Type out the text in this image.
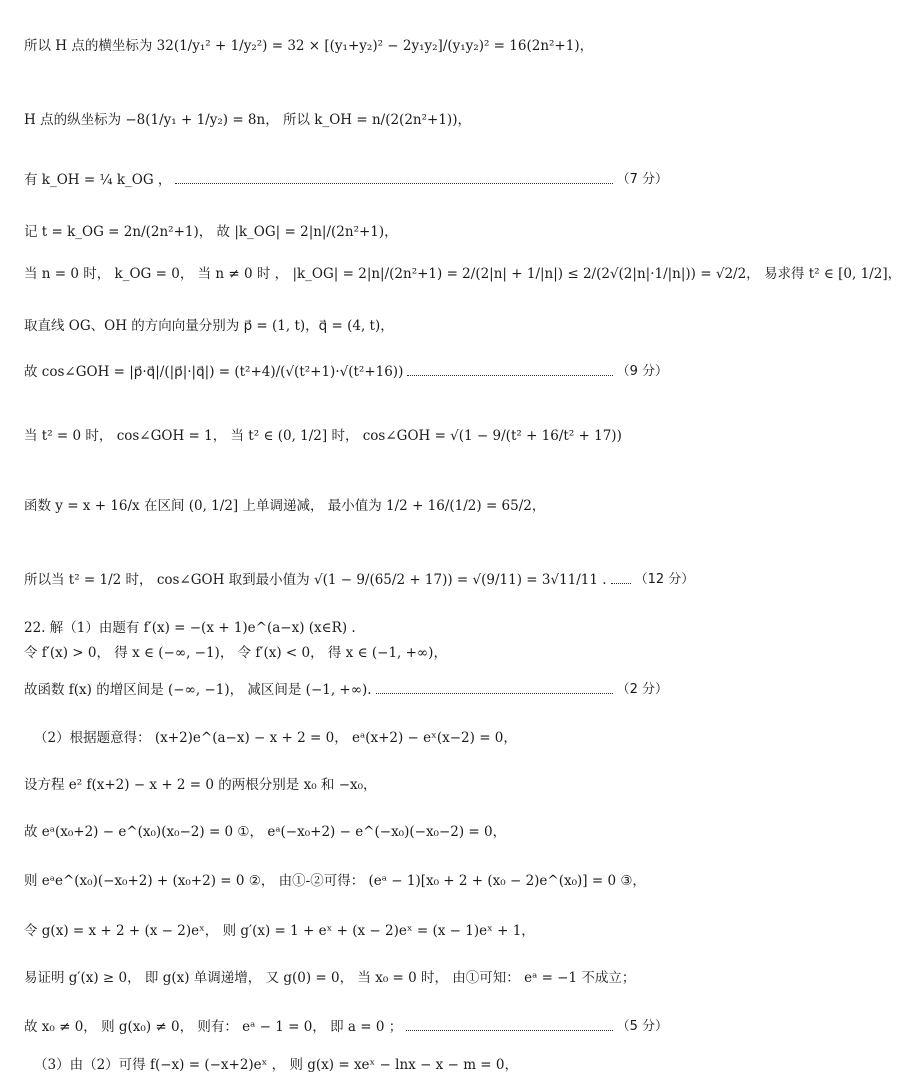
所以 H 点的横坐标为 32(1/y₁² + 1/y₂²) = 32 × [(y₁+y₂)² − 2y₁y₂]/(y₁y₂)² = 16(2n²+1)，
H 点的纵坐标为 −8(1/y₁ + 1/y₂) = 8n， 所以 k_OH = n/(2(2n²+1))，
有 k_OH = ¼ k_OG ，	（7 分）
记 t = k_OG = 2n/(2n²+1)， 故 |k_OG| = 2|n|/(2n²+1)，
当 n = 0 时， k_OG = 0， 当 n ≠ 0 时 ， |k_OG| = 2|n|/(2n²+1) = 2/(2|n| + 1/|n|) ≤ 2/(2√(2|n|·1/|n|)) = √2/2， 易求得 t² ∈ [0, 1/2]，
取直线 OG、OH 的方向向量分别为 p⃗ = (1, t)，q⃗ = (4, t)，
故 cos∠GOH = |p⃗·q⃗|/(|p⃗|·|q⃗|) = (t²+4)/(√(t²+1)·√(t²+16))	（9 分）
当 t² = 0 时， cos∠GOH = 1， 当 t² ∈ (0, 1/2] 时， cos∠GOH = √(1 − 9/(t² + 16/t² + 17))
函数 y = x + 16/x 在区间 (0, 1/2] 上单调递减， 最小值为 1/2 + 16/(1/2) = 65/2，
所以当 t² = 1/2 时， cos∠GOH 取到最小值为 √(1 − 9/(65/2 + 17)) = √(9/11) = 3√11/11 . （12 分）
22. 解（1）由题有 f′(x) = −(x + 1)e^(a−x) (x∈R) .
令 f′(x) > 0， 得 x ∈ (−∞, −1)， 令 f′(x) < 0， 得 x ∈ (−1, +∞)，
故函数 f(x) 的增区间是 (−∞, −1)， 减区间是 (−1, +∞).	（2 分）
（2）根据题意得： (x+2)e^(a−x) − x + 2 = 0， eᵃ(x+2) − eˣ(x−2) = 0，
设方程 e² f(x+2) − x + 2 = 0 的两根分别是 x₀ 和 −x₀，
故 eᵃ(x₀+2) − e^(x₀)(x₀−2) = 0 ①， eᵃ(−x₀+2) − e^(−x₀)(−x₀−2) = 0，
则 eᵃe^(x₀)(−x₀+2) + (x₀+2) = 0 ②， 由①-②可得： (eᵃ − 1)[x₀ + 2 + (x₀ − 2)e^(x₀)] = 0 ③，
令 g(x) = x + 2 + (x − 2)eˣ， 则 g′(x) = 1 + eˣ + (x − 2)eˣ = (x − 1)eˣ + 1，
易证明 g′(x) ≥ 0， 即 g(x) 单调递增， 又 g(0) = 0， 当 x₀ = 0 时， 由①可知： eᵃ = −1 不成立；
故 x₀ ≠ 0， 则 g(x₀) ≠ 0， 则有： eᵃ − 1 = 0， 即 a = 0 ；	（5 分）
（3）由（2）可得 f(−x) = (−x+2)eˣ ， 则 g(x) = xeˣ − lnx − x − m = 0，
